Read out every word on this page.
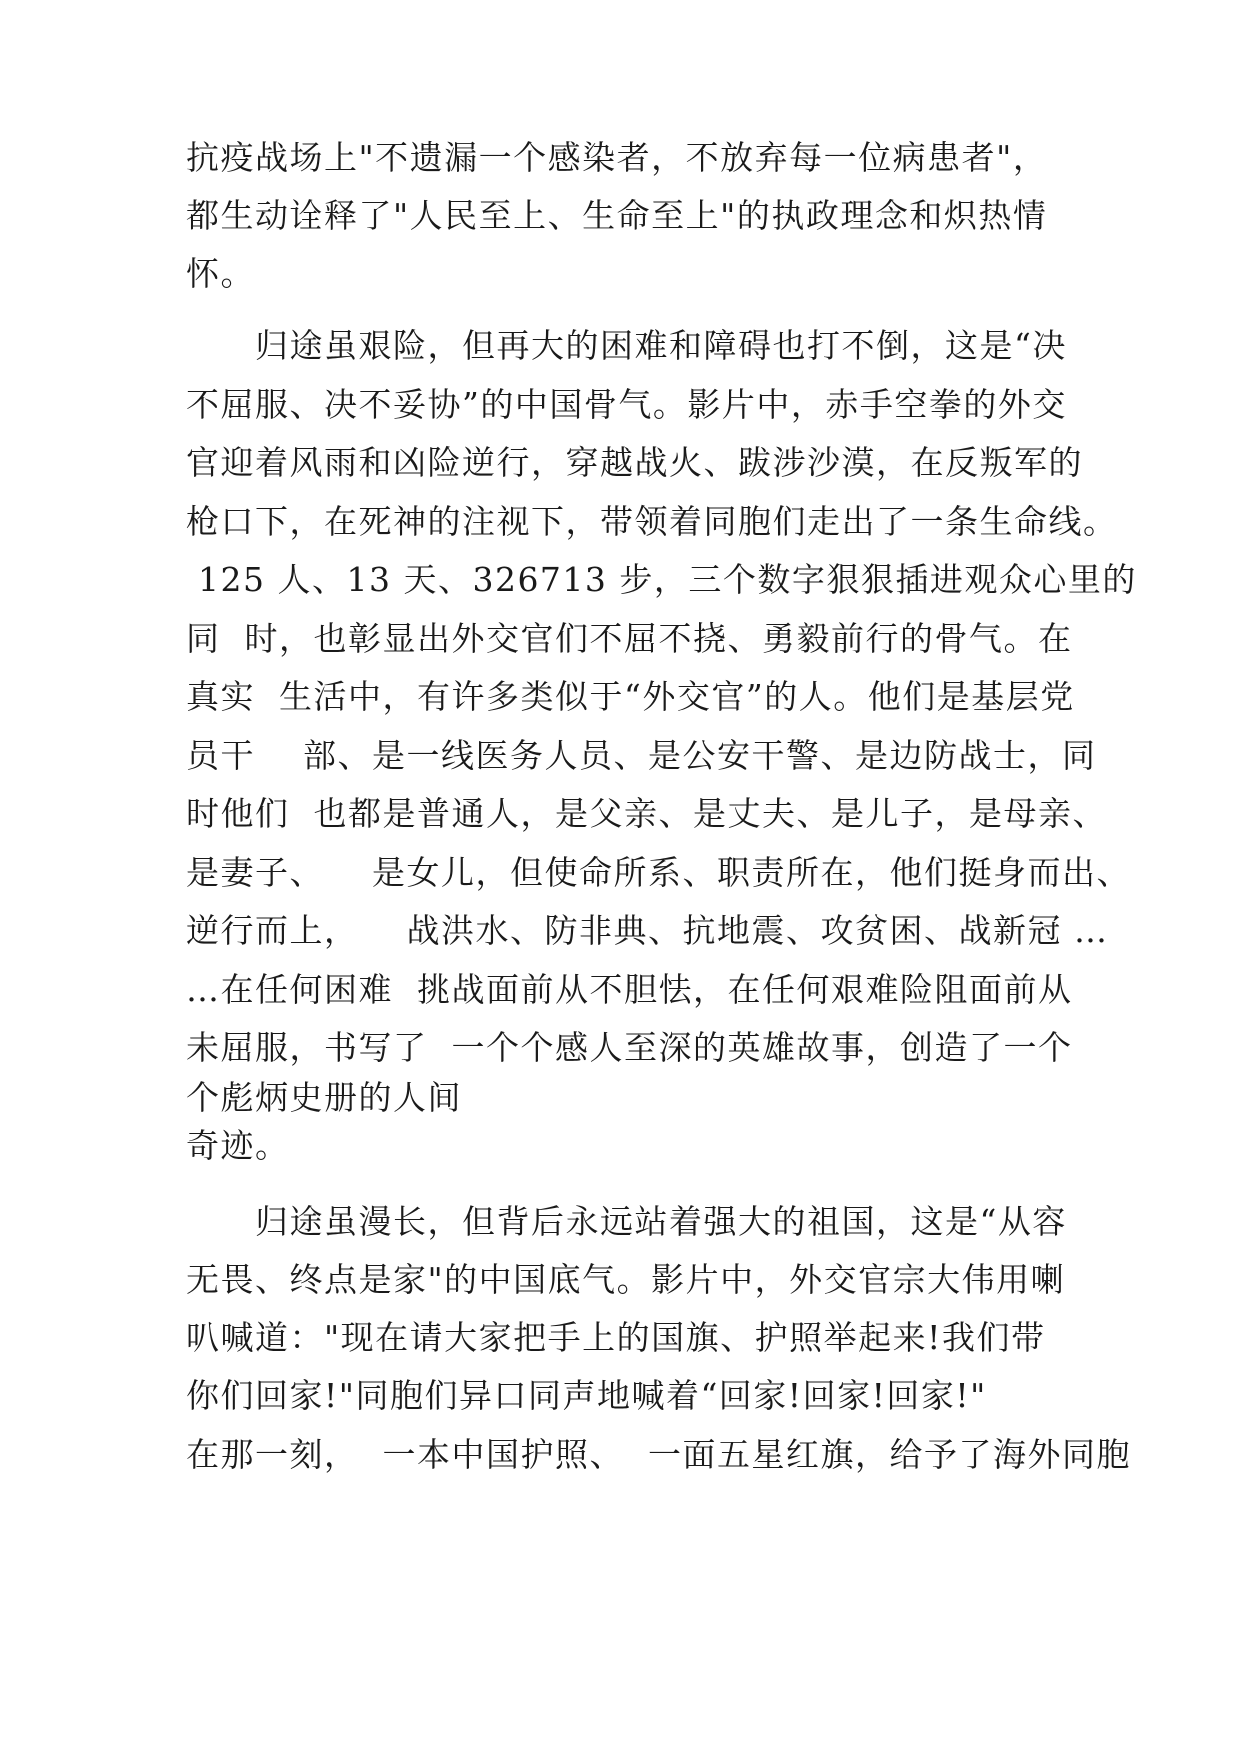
抗疫战场上"不遗漏一个感染者，不放弃每一位病患者"，
都生动诠释了"人民至上、生命至上"的执政理念和炽热情
怀。
　　归途虽艰险，但再大的困难和障碍也打不倒，这是“决
不屈服、决不妥协”的中国骨气。影片中，赤手空拳的外交
官迎着风雨和凶险逆行，穿越战火、跋涉沙漠，在反叛军的
枪口下，在死神的注视下，带领着同胞们走出了一条生命线。
125 人、13 天、326713 步，三个数字狠狠插进观众心里的
同  时，也彰显出外交官们不屈不挠、勇毅前行的骨气。在
真实  生活中，有许多类似于“外交官”的人。他们是基层党
员干    部、是一线医务人员、是公安干警、是边防战士，同
时他们  也都是普通人，是父亲、是丈夫、是儿子，是母亲、
是妻子、    是女儿，但使命所系、职责所在，他们挺身而出、
逆行而上，    战洪水、防非典、抗地震、攻贫困、战新冠 …
…在任何困难  挑战面前从不胆怯，在任何艰难险阻面前从
未屈服，书写了  一个个感人至深的英雄故事，创造了一个
个彪炳史册的人间
奇迹。
　　归途虽漫长，但背后永远站着强大的祖国，这是“从容
无畏、终点是家"的中国底气。影片中，外交官宗大伟用喇
叭喊道："现在请大家把手上的国旗、护照举起来!我们带
你们回家!"同胞们异口同声地喊着“回家!回家!回家!"
在那一刻，  一本中国护照、  一面五星红旗，给予了海外同胞
